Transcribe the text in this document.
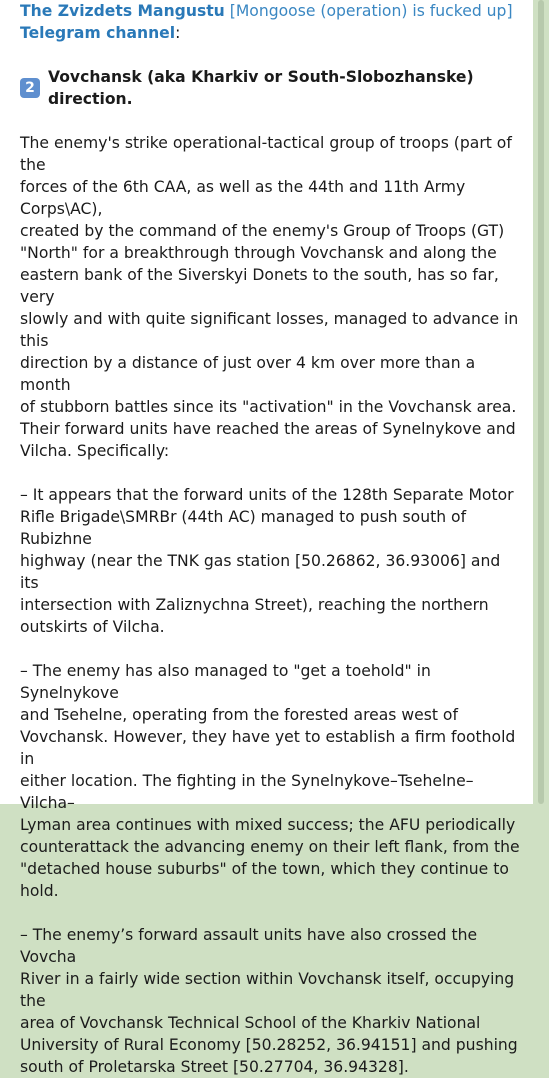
The Zvizdets Mangustu [Mongoose (operation) is fucked up]
Telegram channel:
2
Vovchansk (aka Kharkiv or South-Slobozhanske) direction.

The enemy's strike operational-tactical group of troops (part of the
forces of the 6th CAA, as well as the 44th and 11th Army Corps\AC),
created by the command of the enemy's Group of Troops (GT)
"North" for a breakthrough through Vovchansk and along the
eastern bank of the Siverskyi Donets to the south, has so far, very
slowly and with quite significant losses, managed to advance in this
direction by a distance of just over 4 km over more than a month
of stubborn battles since its "activation" in the Vovchansk area.
Their forward units have reached the areas of Synelnykove and
Vilcha. Specifically:

– It appears that the forward units of the 128th Separate Motor
Rifle Brigade\SMRBr (44th AC) managed to push south of Rubizhne
highway (near the TNK gas station [50.26862, 36.93006] and its
intersection with Zaliznychna Street), reaching the northern
outskirts of Vilcha.

– The enemy has also managed to "get a toehold" in Synelnykove
and Tsehelne, operating from the forested areas west of
Vovchansk. However, they have yet to establish a firm foothold in
either location. The fighting in the Synelnykove–Tsehelne–Vilcha–
Lyman area continues with mixed success; the AFU periodically
counterattack the advancing enemy on their left flank, from the
"detached house suburbs" of the town, which they continue to
hold.

– The enemy’s forward assault units have also crossed the Vovcha
River in a fairly wide section within Vovchansk itself, occupying the
area of Vovchansk Technical School of the Kharkiv National
University of Rural Economy [50.28252, 36.94151] and pushing
south of Proletarska Street [50.27704, 36.94328].
